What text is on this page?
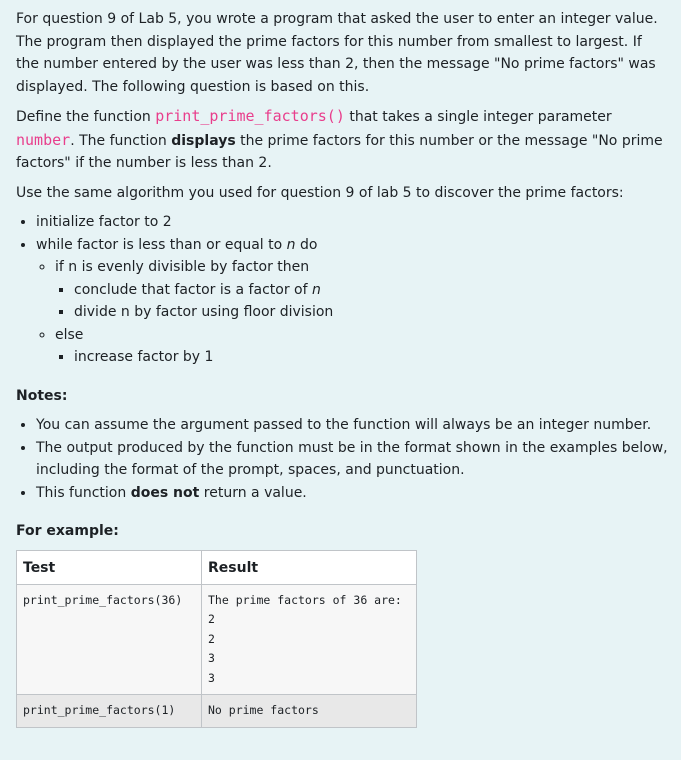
For question 9 of Lab 5, you wrote a program that asked the user to enter an integer value. The program then displayed the prime factors for this number from smallest to largest. If the number entered by the user was less than 2, then the message "No prime factors" was displayed. The following question is based on this.

Define the function print_prime_factors() that takes a single integer parameter number. The function displays the prime factors for this number or the message "No prime factors" if the number is less than 2.

Use the same algorithm you used for question 9 of lab 5 to discover the prime factors:

• initialize factor to 2
• while factor is less than or equal to n do
◦ if n is evenly divisible by factor then
▪ conclude that factor is a factor of n
▪ divide n by factor using floor division
◦ else
▪ increase factor by 1

Notes:

• You can assume the argument passed to the function will always be an integer number.
• The output produced by the function must be in the format shown in the examples below, including the format of the prompt, spaces, and punctuation.
• This function does not return a value.

For example:

Test	Result
print_prime_factors(36)	The prime factors of 36 are:
2
2
3
3
print_prime_factors(1)	No prime factors
